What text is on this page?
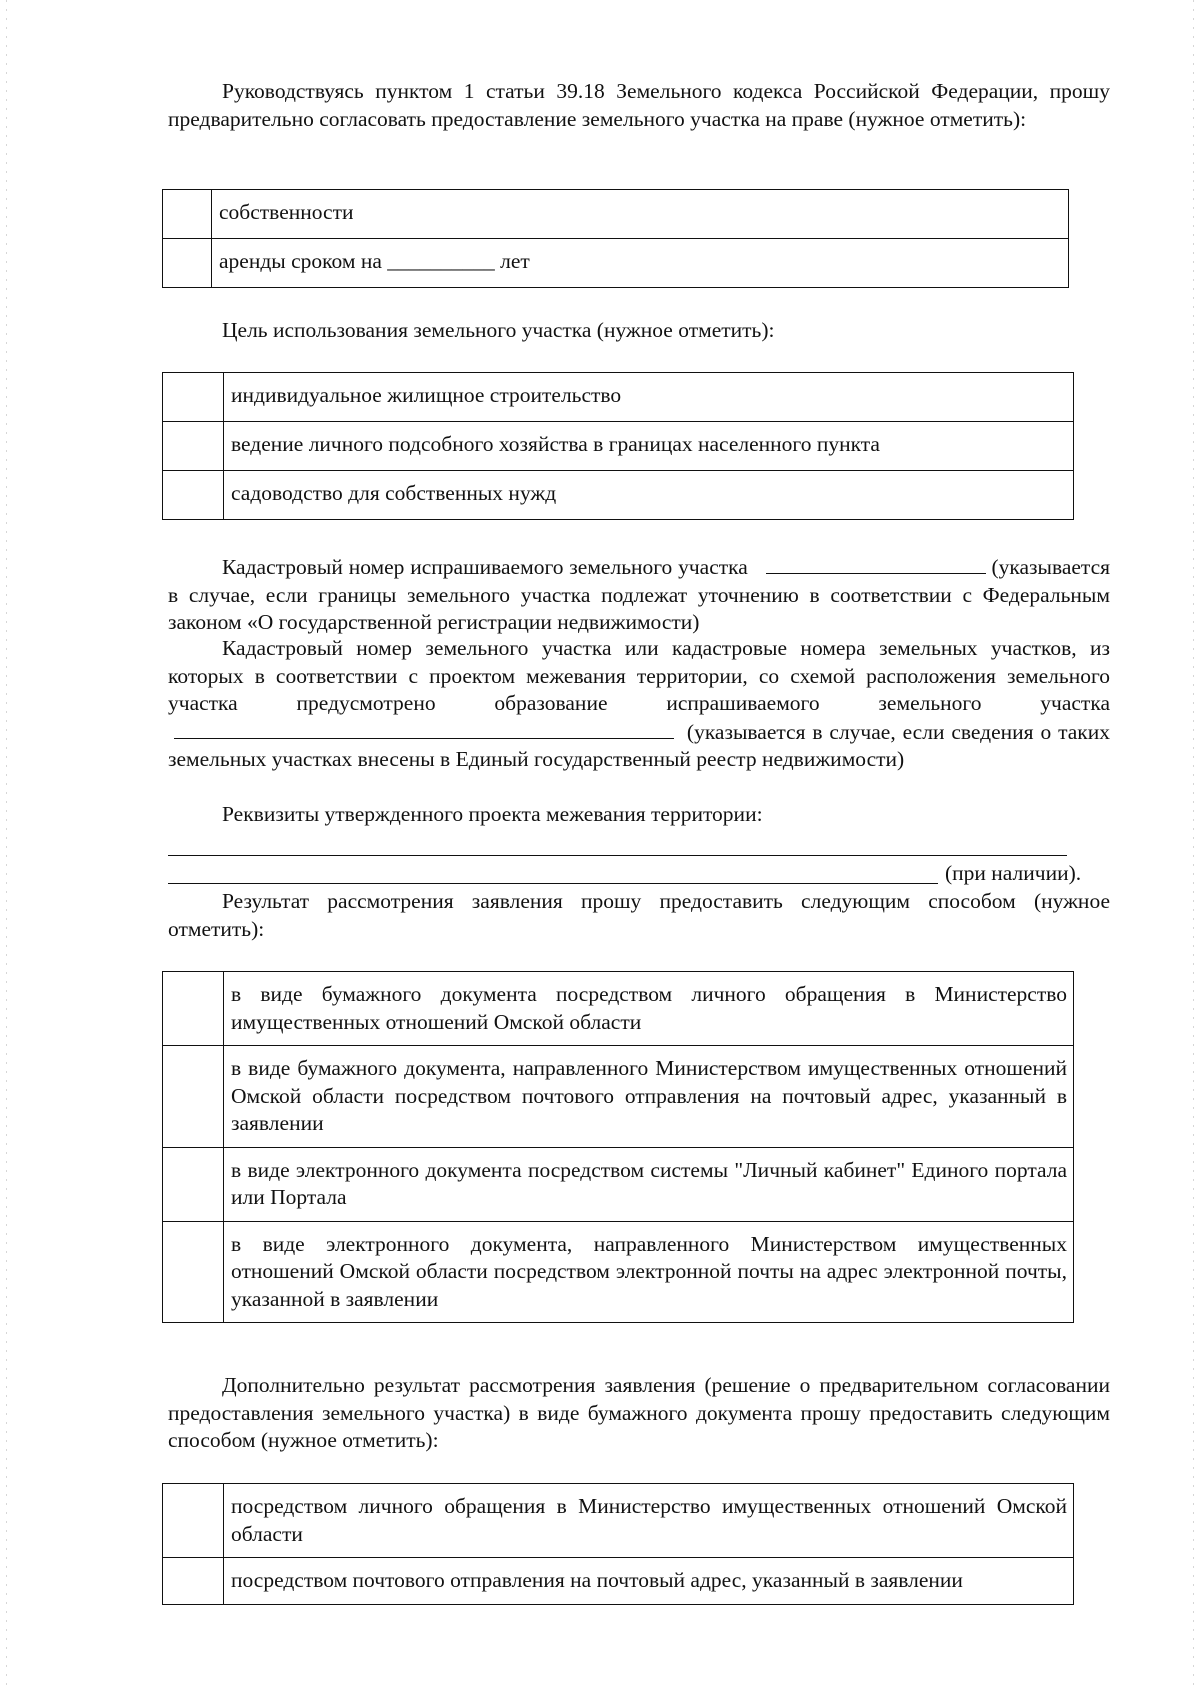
Руководствуясь пунктом 1 статьи 39.18 Земельного кодекса Российской Федерации, прошу предварительно согласовать предоставление земельного участка на праве (нужное отметить):

	собственности
	аренды сроком на __________ лет

Цель использования земельного участка (нужное отметить):

	индивидуальное жилищное строительство
	ведение личного подсобного хозяйства в границах населенного пункта
	садоводство для собственных нужд

Кадастровый номер испрашиваемого земельного участка	(указывается в случае, если границы земельного участка подлежат уточнению в соответствии с Федеральным законом «О государственной регистрации недвижимости)

Кадастровый номер земельного участка или кадастровые номера земельных участков, из которых в соответствии с проектом межевания территории, со схемой расположения земельного участка предусмотрено образование испрашиваемого земельного участка  (указывается в случае, если сведения о таких земельных участках внесены в Единый государственный реестр недвижимости)

Реквизиты утвержденного проекта межевания территории:

(при наличии).

Результат рассмотрения заявления прошу предоставить следующим способом (нужное отметить):

	в виде бумажного документа посредством личного обращения в Министерство имущественных отношений Омской области
	в виде бумажного документа, направленного Министерством имущественных отношений Омской области посредством почтового отправления на почтовый адрес, указанный в заявлении
	в виде электронного документа посредством системы "Личный кабинет" Единого портала или Портала
	в виде электронного документа, направленного Министерством имущественных отношений Омской области посредством электронной почты на адрес электронной почты, указанной в заявлении

Дополнительно результат рассмотрения заявления (решение о предварительном согласовании предоставления земельного участка) в виде бумажного документа прошу предоставить следующим способом (нужное отметить):

	посредством личного обращения в Министерство имущественных отношений Омской области
	посредством почтового отправления на почтовый адрес, указанный в заявлении
